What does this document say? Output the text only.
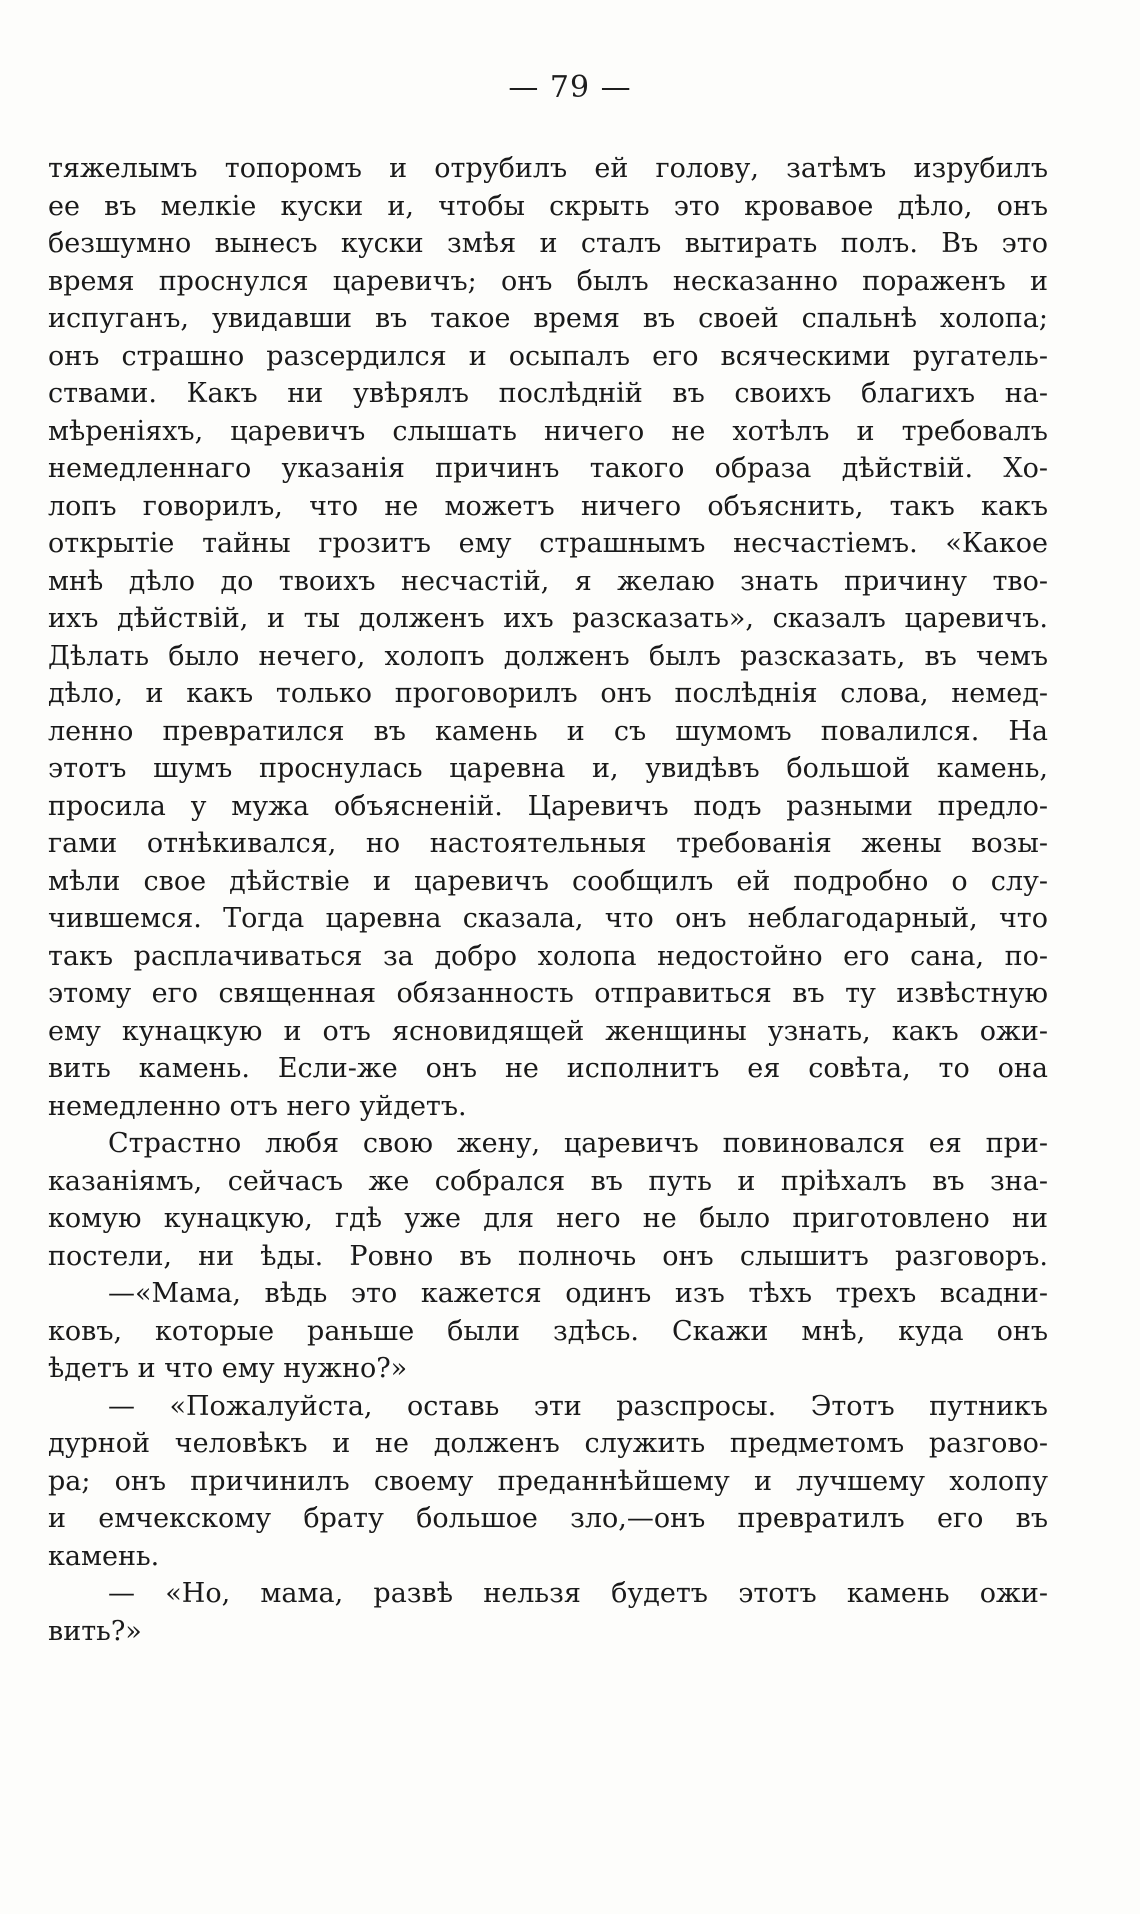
— 79 —
тяжелымъ топоромъ и отрубилъ ей голову, затѣмъ изрубилъ
ее въ мелкіе куски и, чтобы скрыть это кровавое дѣло, онъ
безшумно вынесъ куски змѣя и сталъ вытирать полъ. Въ это
время проснулся царевичъ; онъ былъ несказанно пораженъ и
испуганъ, увидавши въ такое время въ своей спальнѣ холопа;
онъ страшно разсердился и осыпалъ его всяческими ругатель-
ствами. Какъ ни увѣрялъ послѣдній въ своихъ благихъ на-
мѣреніяхъ, царевичъ слышать ничего не хотѣлъ и требовалъ
немедленнаго указанія причинъ такого образа дѣйствій. Хо-
лопъ говорилъ, что не можетъ ничего объяснить, такъ какъ
открытіе тайны грозитъ ему страшнымъ несчастіемъ. «Какое
мнѣ дѣло до твоихъ несчастій, я желаю знать причину тво-
ихъ дѣйствій, и ты долженъ ихъ разсказать», сказалъ царевичъ.
Дѣлать было нечего, холопъ долженъ былъ разсказать, въ чемъ
дѣло, и какъ только проговорилъ онъ послѣднія слова, немед-
ленно превратился въ камень и съ шумомъ повалился. На
этотъ шумъ проснулась царевна и, увидѣвъ большой камень,
просила у мужа объясненій. Царевичъ подъ разными предло-
гами отнѣкивался, но настоятельныя требованія жены возы-
мѣли свое дѣйствіе и царевичъ сообщилъ ей подробно о слу-
чившемся. Тогда царевна сказала, что онъ неблагодарный, что
такъ расплачиваться за добро холопа недостойно его сана, по-
этому его священная обязанность отправиться въ ту извѣстную
ему кунацкую и отъ ясновидящей женщины узнать, какъ ожи-
вить камень. Если-же онъ не исполнитъ ея совѣта, то она
немедленно отъ него уйдетъ.
Страстно любя свою жену, царевичъ повиновался ея при-
казаніямъ, сейчасъ же собрался въ путь и пріѣхалъ въ зна-
комую кунацкую, гдѣ уже для него не было приготовлено ни
постели, ни ѣды. Ровно въ полночь онъ слышитъ разговоръ.
—«Мама, вѣдь это кажется одинъ изъ тѣхъ трехъ всадни-
ковъ, которые раньше были здѣсь. Скажи мнѣ, куда онъ
ѣдетъ и что ему нужно?»
— «Пожалуйста, оставь эти разспросы. Этотъ путникъ
дурной человѣкъ и не долженъ служить предметомъ разгово-
ра; онъ причинилъ своему преданнѣйшему и лучшему холопу
и емчекскому брату большое зло,—онъ превратилъ его въ
камень.
— «Но, мама, развѣ нельзя будетъ этотъ камень ожи-
вить?»
